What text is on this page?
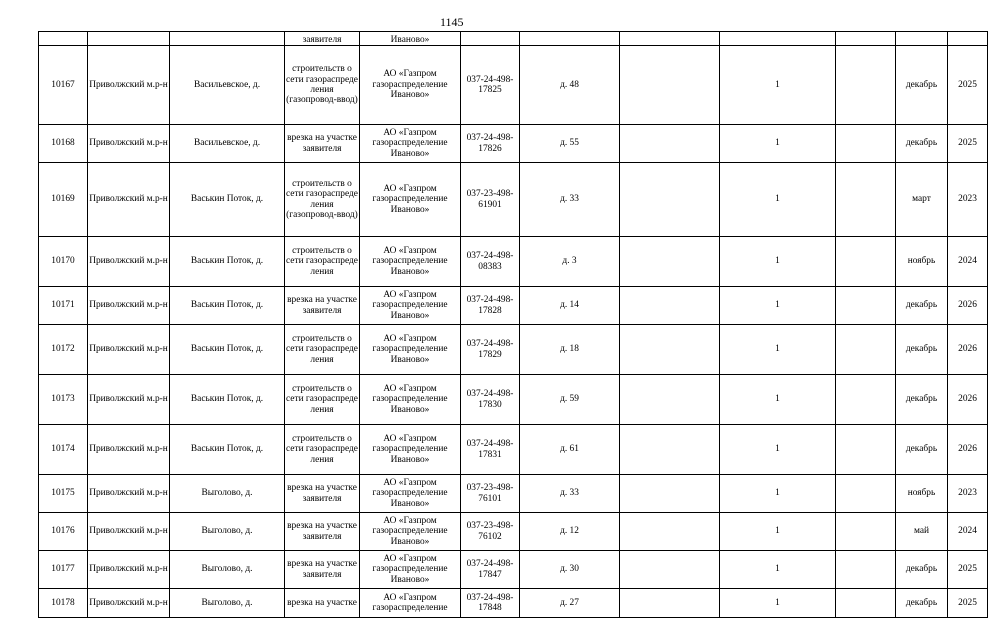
1145
			заявителя	Иваново»							
10167	Приволжский м.р-н	Васильевское, д.	строительств о сети газораспреде ления (газопровод-ввод)	АО «Газпром газораспределение Иваново»	037-24-498-17825	д. 48		1		декабрь	2025
10168	Приволжский м.р-н	Васильевское, д.	врезка на участке заявителя	АО «Газпром газораспределение Иваново»	037-24-498-17826	д. 55		1		декабрь	2025
10169	Приволжский м.р-н	Васькин Поток, д.	строительств о сети газораспреде ления (газопровод-ввод)	АО «Газпром газораспределение Иваново»	037-23-498-61901	д. 33		1		март	2023
10170	Приволжский м.р-н	Васькин Поток, д.	строительств о сети газораспреде ления	АО «Газпром газораспределение Иваново»	037-24-498-08383	д. 3		1		ноябрь	2024
10171	Приволжский м.р-н	Васькин Поток, д.	врезка на участке заявителя	АО «Газпром газораспределение Иваново»	037-24-498-17828	д. 14		1		декабрь	2026
10172	Приволжский м.р-н	Васькин Поток, д.	строительств о сети газораспреде ления	АО «Газпром газораспределение Иваново»	037-24-498-17829	д. 18		1		декабрь	2026
10173	Приволжский м.р-н	Васькин Поток, д.	строительств о сети газораспреде ления	АО «Газпром газораспределение Иваново»	037-24-498-17830	д. 59		1		декабрь	2026
10174	Приволжский м.р-н	Васькин Поток, д.	строительств о сети газораспреде ления	АО «Газпром газораспределение Иваново»	037-24-498-17831	д. 61		1		декабрь	2026
10175	Приволжский м.р-н	Выголово, д.	врезка на участке заявителя	АО «Газпром газораспределение Иваново»	037-23-498-76101	д. 33		1		ноябрь	2023
10176	Приволжский м.р-н	Выголово, д.	врезка на участке заявителя	АО «Газпром газораспределение Иваново»	037-23-498-76102	д. 12		1		май	2024
10177	Приволжский м.р-н	Выголово, д.	врезка на участке заявителя	АО «Газпром газораспределение Иваново»	037-24-498-17847	д. 30		1		декабрь	2025
10178	Приволжский м.р-н	Выголово, д.	врезка на участке	АО «Газпром газораспределение	037-24-498-17848	д. 27		1		декабрь	2025
